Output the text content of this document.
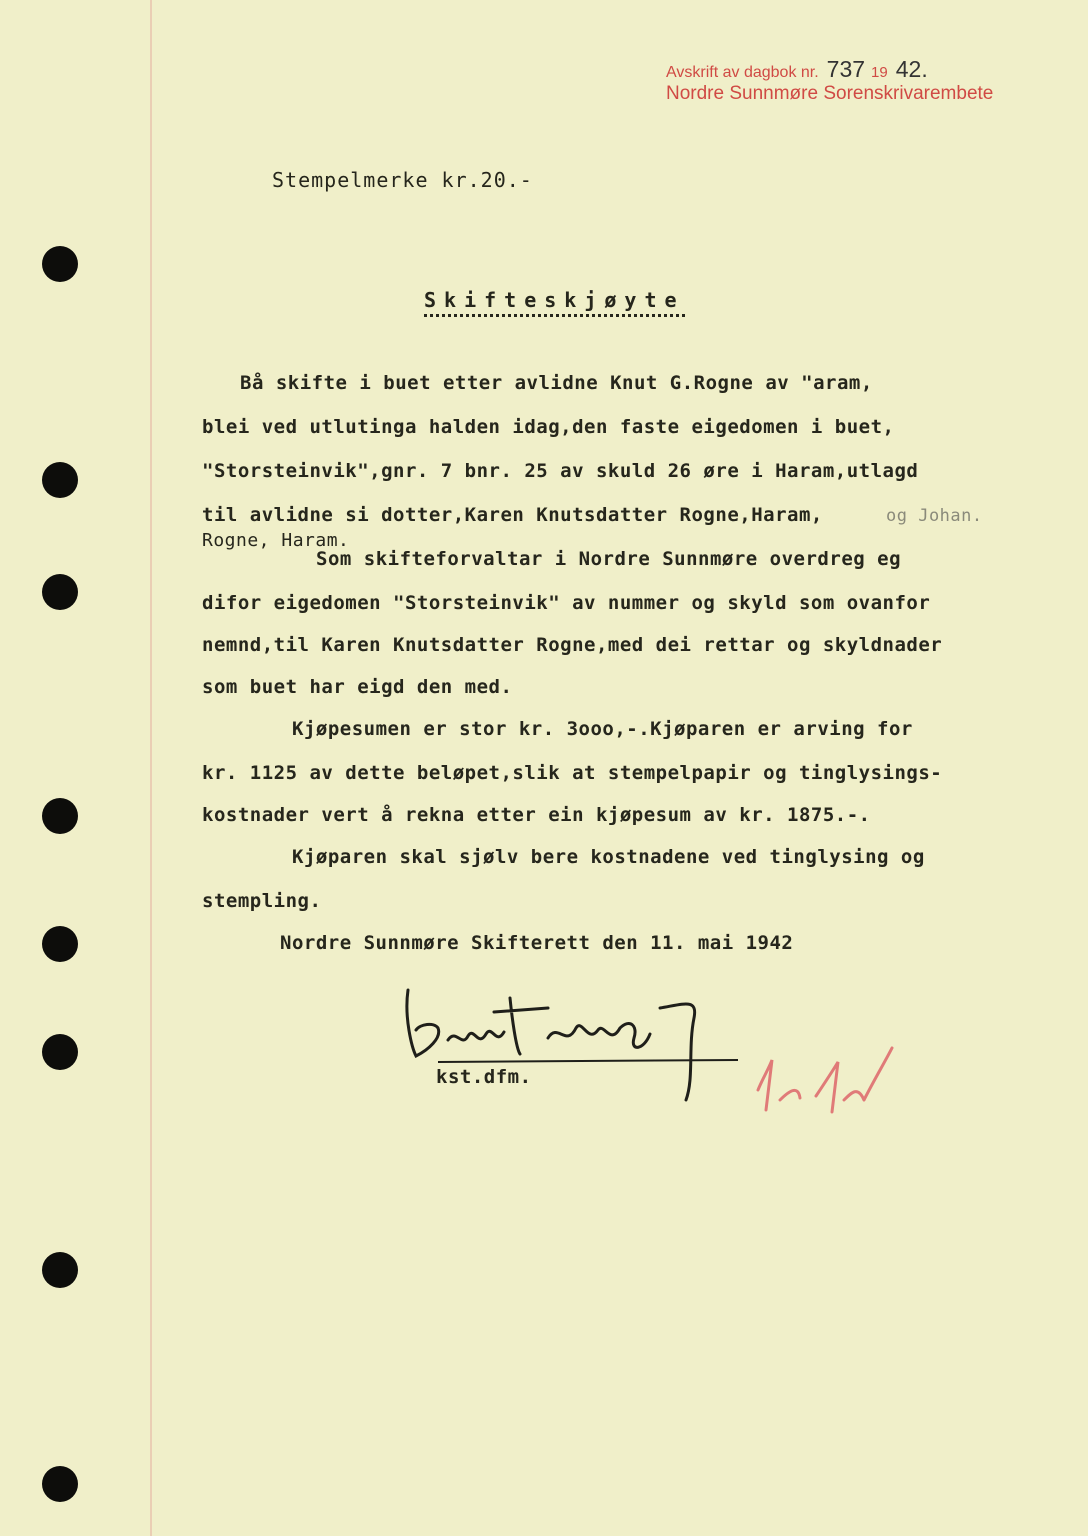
Avskrift av dagbok nr. 737 19 42.
Nordre Sunnmøre Sorenskrivarembete
Stempelmerke kr.20.-
Skifteskjøyte
Bå skifte i buet etter avlidne Knut G.Rogne av "aram,
blei ved utlutinga halden idag,den faste eigedomen i buet,
"Storsteinvik",gnr. 7 bnr. 25 av skuld 26 øre i Haram,utlagd
til avlidne si dotter,Karen Knutsdatter Rogne,Haram,	og Johan.
Rogne, Haram.
Som skifteforvaltar i Nordre Sunnmøre overdreg eg
difor eigedomen "Storsteinvik" av nummer og skyld som ovanfor
nemnd,til Karen Knutsdatter Rogne,med dei rettar og skyldnader
som buet har eigd den med.
Kjøpesumen er stor kr. 3ooo,-.Kjøparen er arving for
kr. 1125 av dette beløpet,slik at stempelpapir og tinglysings-
kostnader vert å rekna etter ein kjøpesum av kr. 1875.-.
Kjøparen skal sjølv bere kostnadene ved tinglysing og
stempling.
Nordre Sunnmøre Skifterett den 11. mai 1942
kst.dfm.
